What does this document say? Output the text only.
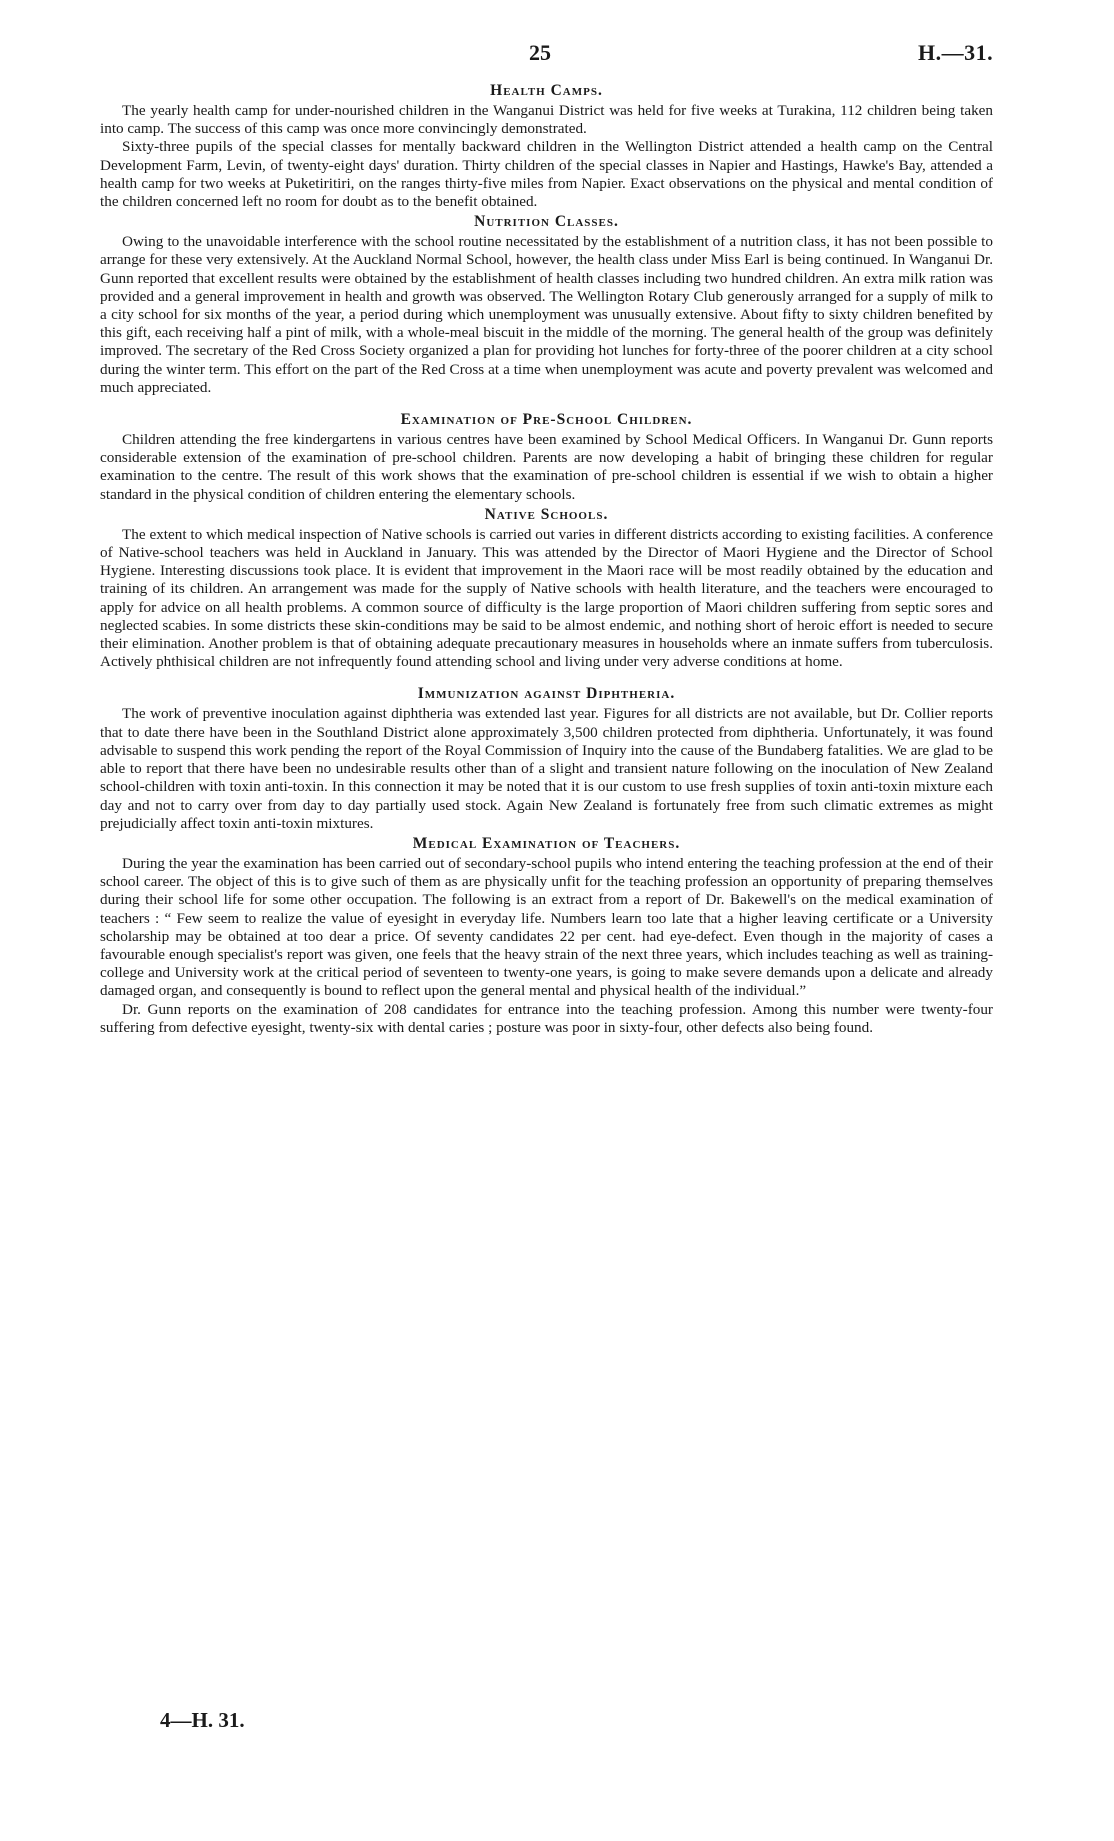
25	H.—31.
Health Camps.

The yearly health camp for under-nourished children in the Wanganui District was held for five weeks at Turakina, 112 children being taken into camp. The success of this camp was once more convincingly demonstrated.

Sixty-three pupils of the special classes for mentally backward children in the Wellington District attended a health camp on the Central Development Farm, Levin, of twenty-eight days' duration. Thirty children of the special classes in Napier and Hastings, Hawke's Bay, attended a health camp for two weeks at Puketiritiri, on the ranges thirty-five miles from Napier. Exact observations on the physical and mental condition of the children concerned left no room for doubt as to the benefit obtained.

Nutrition Classes.

Owing to the unavoidable interference with the school routine necessitated by the establishment of a nutrition class, it has not been possible to arrange for these very extensively. At the Auckland Normal School, however, the health class under Miss Earl is being continued. In Wanganui Dr. Gunn reported that excellent results were obtained by the establishment of health classes including two hundred children. An extra milk ration was provided and a general improvement in health and growth was observed. The Wellington Rotary Club generously arranged for a supply of milk to a city school for six months of the year, a period during which unemployment was unusually extensive. About fifty to sixty children benefited by this gift, each receiving half a pint of milk, with a whole-meal biscuit in the middle of the morning. The general health of the group was definitely improved. The secretary of the Red Cross Society organized a plan for providing hot lunches for forty-three of the poorer children at a city school during the winter term. This effort on the part of the Red Cross at a time when unemployment was acute and poverty prevalent was welcomed and much appreciated.

Examination of Pre-School Children.

Children attending the free kindergartens in various centres have been examined by School Medical Officers. In Wanganui Dr. Gunn reports considerable extension of the examination of pre-school children. Parents are now developing a habit of bringing these children for regular examination to the centre. The result of this work shows that the examination of pre-school children is essential if we wish to obtain a higher standard in the physical condition of children entering the elementary schools.

Native Schools.

The extent to which medical inspection of Native schools is carried out varies in different districts according to existing facilities. A conference of Native-school teachers was held in Auckland in January. This was attended by the Director of Maori Hygiene and the Director of School Hygiene. Interesting discussions took place. It is evident that improvement in the Maori race will be most readily obtained by the education and training of its children. An arrangement was made for the supply of Native schools with health literature, and the teachers were encouraged to apply for advice on all health problems. A common source of difficulty is the large proportion of Maori children suffering from septic sores and neglected scabies. In some districts these skin-conditions may be said to be almost endemic, and nothing short of heroic effort is needed to secure their elimination. Another problem is that of obtaining adequate precautionary measures in households where an inmate suffers from tuberculosis. Actively phthisical children are not infrequently found attending school and living under very adverse conditions at home.

Immunization against Diphtheria.

The work of preventive inoculation against diphtheria was extended last year. Figures for all districts are not available, but Dr. Collier reports that to date there have been in the Southland District alone approximately 3,500 children protected from diphtheria. Unfortunately, it was found advisable to suspend this work pending the report of the Royal Commission of Inquiry into the cause of the Bundaberg fatalities. We are glad to be able to report that there have been no undesirable results other than of a slight and transient nature following on the inoculation of New Zealand school-children with toxin anti-toxin. In this connection it may be noted that it is our custom to use fresh supplies of toxin anti-toxin mixture each day and not to carry over from day to day partially used stock. Again New Zealand is fortunately free from such climatic extremes as might prejudicially affect toxin anti-toxin mixtures.

Medical Examination of Teachers.

During the year the examination has been carried out of secondary-school pupils who intend entering the teaching profession at the end of their school career. The object of this is to give such of them as are physically unfit for the teaching profession an opportunity of preparing themselves during their school life for some other occupation. The following is an extract from a report of Dr. Bakewell's on the medical examination of teachers : “ Few seem to realize the value of eyesight in everyday life. Numbers learn too late that a higher leaving certificate or a University scholarship may be obtained at too dear a price. Of seventy candidates 22 per cent. had eye-defect. Even though in the majority of cases a favourable enough specialist's report was given, one feels that the heavy strain of the next three years, which includes teaching as well as training-college and University work at the critical period of seventeen to twenty-one years, is going to make severe demands upon a delicate and already damaged organ, and consequently is bound to reflect upon the general mental and physical health of the individual.”

Dr. Gunn reports on the examination of 208 candidates for entrance into the teaching profession. Among this number were twenty-four suffering from defective eyesight, twenty-six with dental caries ; posture was poor in sixty-four, other defects also being found.

4—H. 31.
